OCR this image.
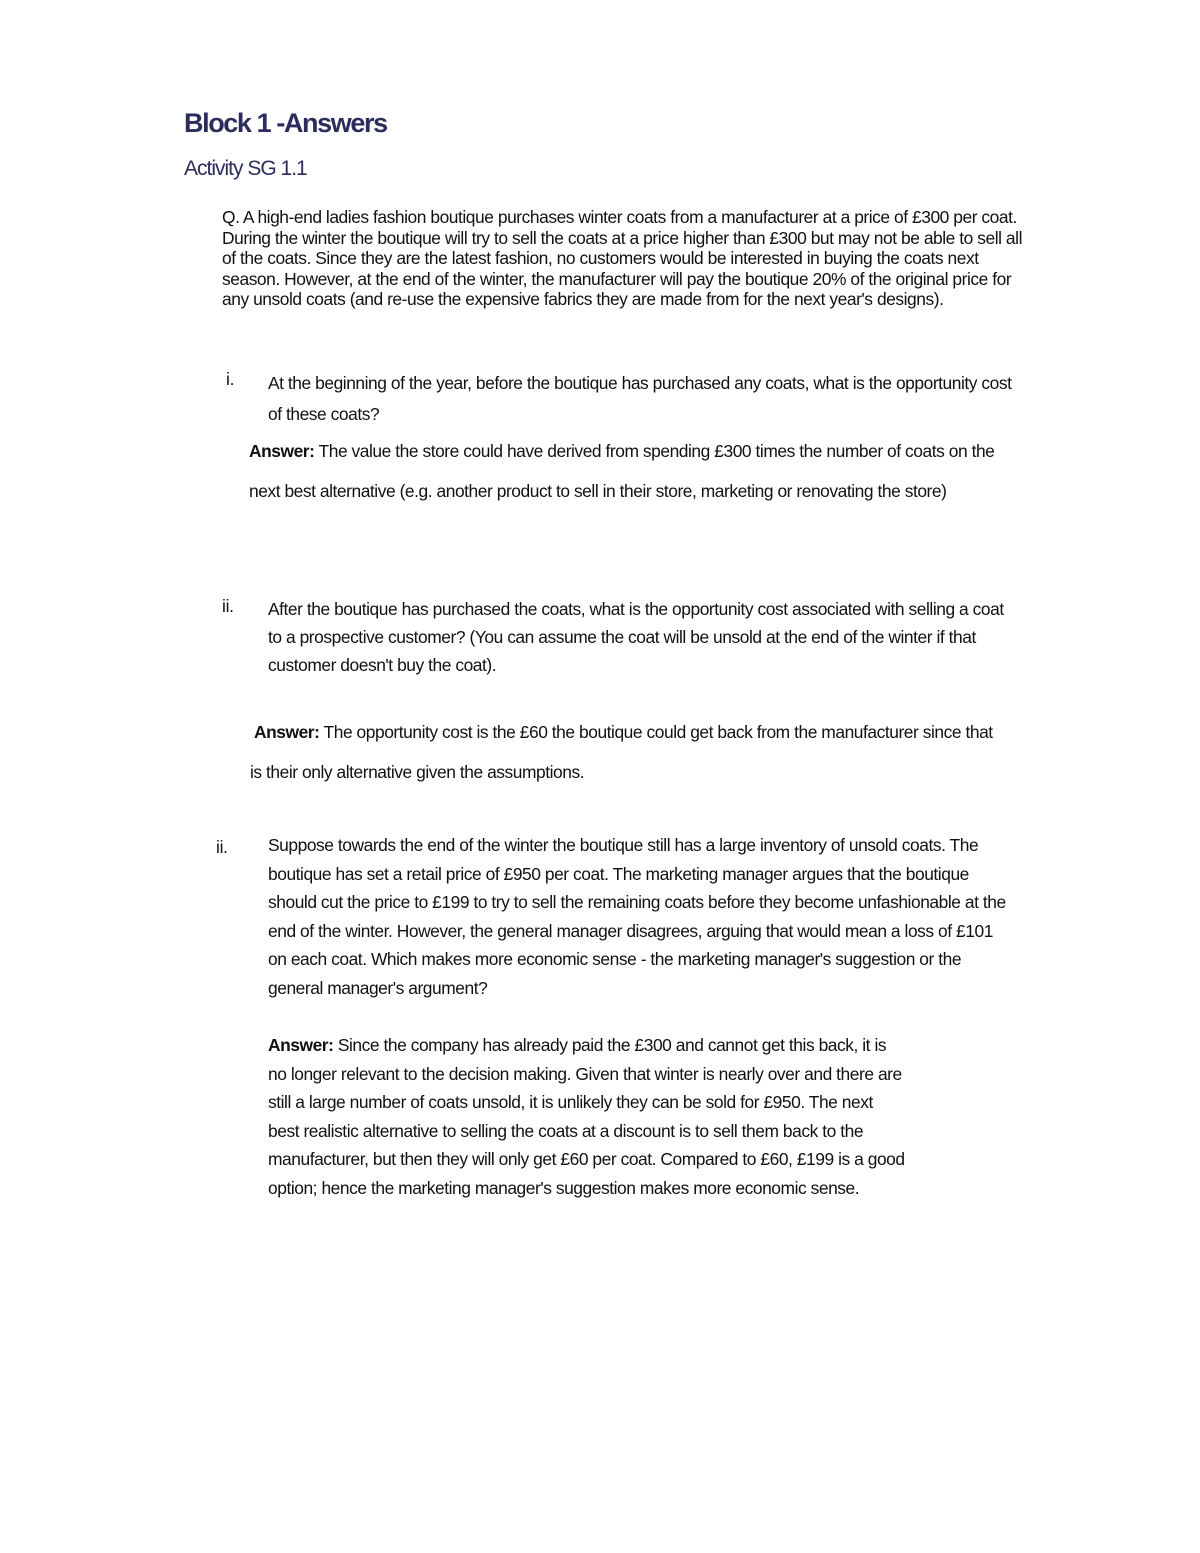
Block 1 -Answers
Activity SG 1.1
Q. A high-end ladies fashion boutique purchases winter coats from a manufacturer at a price of £300 per coat. During the winter the boutique will try to sell the coats at a price higher than £300 but may not be able to sell all of the coats. Since they are the latest fashion, no customers would be interested in buying the coats next season. However, at the end of the winter, the manufacturer will pay the boutique 20% of the original price for any unsold coats (and re-use the expensive fabrics they are made from for the next year's designs).
i. At the beginning of the year, before the boutique has purchased any coats, what is the opportunity cost of these coats?
Answer: The value the store could have derived from spending £300 times the number of coats on the next best alternative (e.g. another product to sell in their store, marketing or renovating the store)
ii. After the boutique has purchased the coats, what is the opportunity cost associated with selling a coat to a prospective customer? (You can assume the coat will be unsold at the end of the winter if that customer doesn't buy the coat).
Answer: The opportunity cost is the £60 the boutique could get back from the manufacturer since that is their only alternative given the assumptions.
ii. Suppose towards the end of the winter the boutique still has a large inventory of unsold coats. The boutique has set a retail price of £950 per coat. The marketing manager argues that the boutique should cut the price to £199 to try to sell the remaining coats before they become unfashionable at the end of the winter. However, the general manager disagrees, arguing that would mean a loss of £101 on each coat. Which makes more economic sense - the marketing manager's suggestion or the general manager's argument?
Answer: Since the company has already paid the £300 and cannot get this back, it is no longer relevant to the decision making. Given that winter is nearly over and there are still a large number of coats unsold, it is unlikely they can be sold for £950. The next best realistic alternative to selling the coats at a discount is to sell them back to the manufacturer, but then they will only get £60 per coat. Compared to £60, £199 is a good option; hence the marketing manager's suggestion makes more economic sense.
